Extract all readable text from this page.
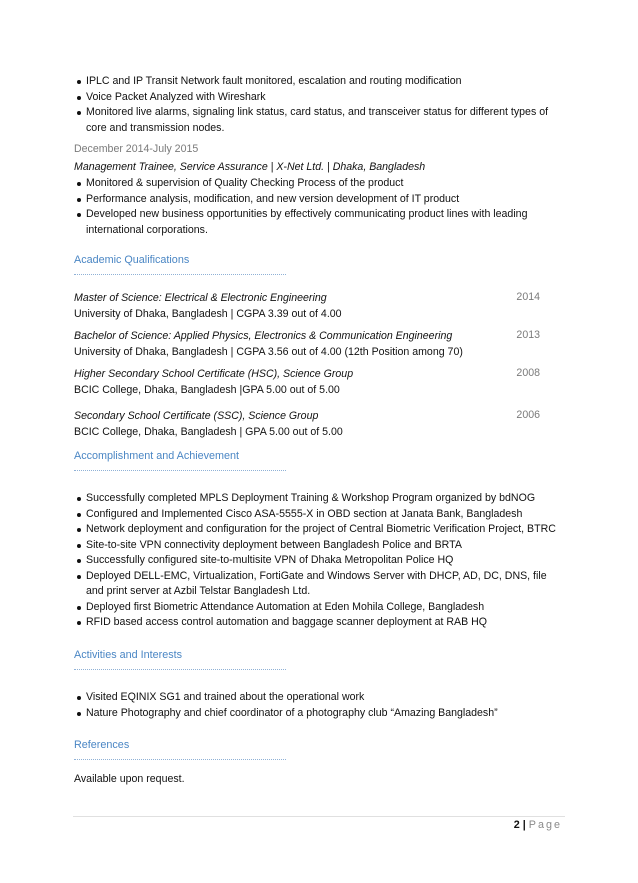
IPLC and IP Transit Network fault monitored, escalation and routing modification
Voice Packet Analyzed with Wireshark
Monitored live alarms, signaling link status, card status, and transceiver status for different types of core and transmission nodes.
December 2014-July 2015
Management Trainee, Service Assurance | X-Net Ltd. | Dhaka, Bangladesh
Monitored & supervision of Quality Checking Process of the product
Performance analysis, modification, and new version development of IT product
Developed new business opportunities by effectively communicating product lines with leading international corporations.
Academic Qualifications
Master of Science: Electrical & Electronic Engineering	2014
University of Dhaka, Bangladesh | CGPA 3.39 out of 4.00
Bachelor of Science: Applied Physics, Electronics & Communication Engineering	2013
University of Dhaka, Bangladesh | CGPA 3.56 out of 4.00 (12th Position among 70)
Higher Secondary School Certificate (HSC), Science Group	2008
BCIC College, Dhaka, Bangladesh |GPA 5.00 out of 5.00
Secondary School Certificate (SSC), Science Group	2006
BCIC College, Dhaka, Bangladesh | GPA 5.00 out of 5.00
Accomplishment and Achievement
Successfully completed MPLS Deployment Training & Workshop Program organized by bdNOG
Configured and Implemented Cisco ASA-5555-X in OBD section at Janata Bank, Bangladesh
Network deployment and configuration for the project of Central Biometric Verification Project, BTRC
Site-to-site VPN connectivity deployment between Bangladesh Police and BRTA
Successfully configured site-to-multisite VPN of Dhaka Metropolitan Police HQ
Deployed DELL-EMC, Virtualization, FortiGate and Windows Server with DHCP, AD, DC, DNS, file and print server at Azbil Telstar Bangladesh Ltd.
Deployed first Biometric Attendance Automation at Eden Mohila College, Bangladesh
RFID based access control automation and baggage scanner deployment at RAB HQ
Activities and Interests
Visited EQINIX SG1 and trained about the operational work
Nature Photography and chief coordinator of a photography club “Amazing Bangladesh”
References
Available upon request.
2 | Page
